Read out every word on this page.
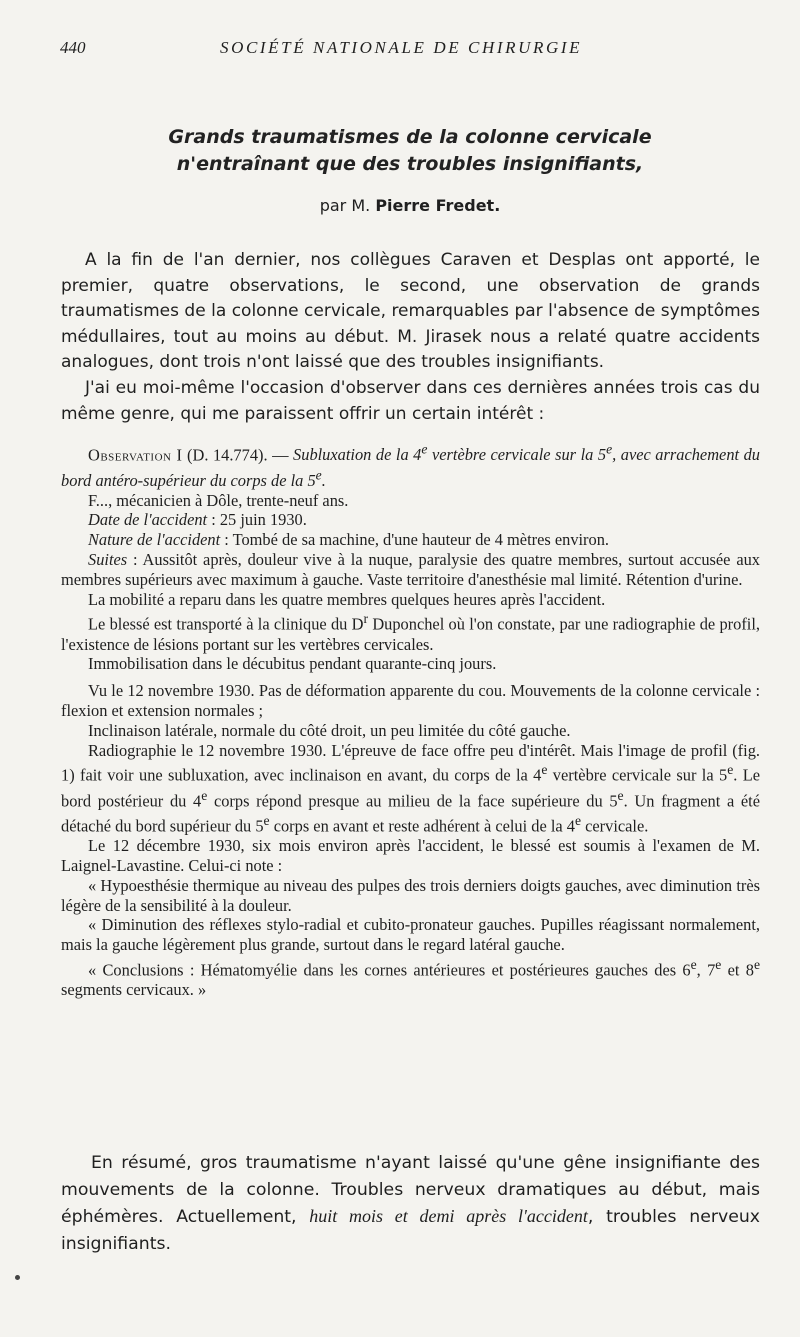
440	SOCIÉTÉ NATIONALE DE CHIRURGIE
Grands traumatismes de la colonne cervicale
n'entraînant que des troubles insignifiants,
par M. Pierre Fredet.

A la fin de l'an dernier, nos collègues Caraven et Desplas ont apporté, le premier, quatre observations, le second, une observation de grands traumatismes de la colonne cervicale, remarquables par l'absence de symptômes médullaires, tout au moins au début. M. Jirasek nous a relaté quatre accidents analogues, dont trois n'ont laissé que des troubles insignifiants.

J'ai eu moi-même l'occasion d'observer dans ces dernières années trois cas du même genre, qui me paraissent offrir un certain intérêt :

Observation I (D. 14.774). — Subluxation de la 4e vertèbre cervicale sur la 5e, avec arrachement du bord antéro-supérieur du corps de la 5e.

F..., mécanicien à Dôle, trente-neuf ans.

Date de l'accident : 25 juin 1930.

Nature de l'accident : Tombé de sa machine, d'une hauteur de 4 mètres environ.

Suites : Aussitôt après, douleur vive à la nuque, paralysie des quatre membres, surtout accusée aux membres supérieurs avec maximum à gauche. Vaste territoire d'anesthésie mal limité. Rétention d'urine.

La mobilité a reparu dans les quatre membres quelques heures après l'accident.

Le blessé est transporté à la clinique du $D^r$ Duponchel où l'on constate, par une radiographie de profil, l'existence de lésions portant sur les vertèbres cervicales.

Immobilisation dans le décubitus pendant quarante-cinq jours.

Vu le 12 novembre 1930. Pas de déformation apparente du cou. Mouvements de la colonne cervicale : flexion et extension normales ;

Inclinaison latérale, normale du côté droit, un peu limitée du côté gauche.

Radiographie le 12 novembre 1930. L'épreuve de face offre peu d'intérêt. Mais l'image de profil (fig. 1) fait voir une subluxation, avec inclinaison en avant, du corps de la 4e vertèbre cervicale sur la 5e. Le bord postérieur du 4e corps répond presque au milieu de la face supérieure du 5e. Un fragment a été détaché du bord supérieur du 5e corps en avant et reste adhérent à celui de la 4e cervicale.

Le 12 décembre 1930, six mois environ après l'accident, le blessé est soumis à l'examen de M. Laignel-Lavastine. Celui-ci note :

« Hypoesthésie thermique au niveau des pulpes des trois derniers doigts gauches, avec diminution très légère de la sensibilité à la douleur.

« Diminution des réflexes stylo-radial et cubito-pronateur gauches. Pupilles réagissant normalement, mais la gauche légèrement plus grande, surtout dans le regard latéral gauche.

« Conclusions : Hématomyélie dans les cornes antérieures et postérieures gauches des 6e, 7e et 8e segments cervicaux. »

En résumé, gros traumatisme n'ayant laissé qu'une gêne insignifiante des mouvements de la colonne. Troubles nerveux dramatiques au début, mais éphémères. Actuellement, huit mois et demi après l'accident, troubles nerveux insignifiants.
